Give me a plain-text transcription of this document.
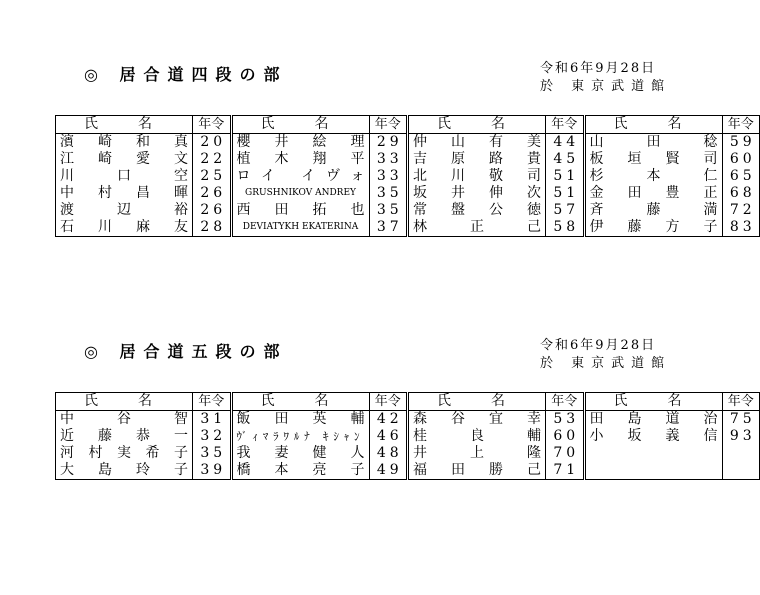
◎ 居合道四段の部	令和6年9月28日
於 東京武道館
氏名	年令	氏名	年令	氏名	年令	氏名	年令
濱崎和真	20	櫻井絵理	29	仲山有美	44	山田稔	59
江崎愛文	22	植木翔平	33	吉原路貴	45	板垣賢司	60
川口空	25	ロイ イヴォ	33	北川敬司	51	杉本仁	65
中村昌暉	26	GRUSHNIKOV ANDREY	35	坂井伸次	51	金田豊正	68
渡辺裕	26	西田拓也	35	常盤公徳	57	斉藤満	72
石川麻友	28	DEVIATYKH EKATERINA	37	林正己	58	伊藤方子	83
◎ 居合道五段の部	令和6年9月28日
於 東京武道館
氏名	年令	氏名	年令	氏名	年令	氏名	年令
中谷智	31	飯田英輔	42	森谷宜幸	53	田島道治	75
近藤恭一	32	ｳﾞｨﾏﾗﾜﾙﾅ ｷｼｬﾝ	46	桂良輔	60	小坂義信	93
河村実希子	35	我妻健人	48	井上隆	70		
大島玲子	39	橋本亮子	49	福田勝己	71		
